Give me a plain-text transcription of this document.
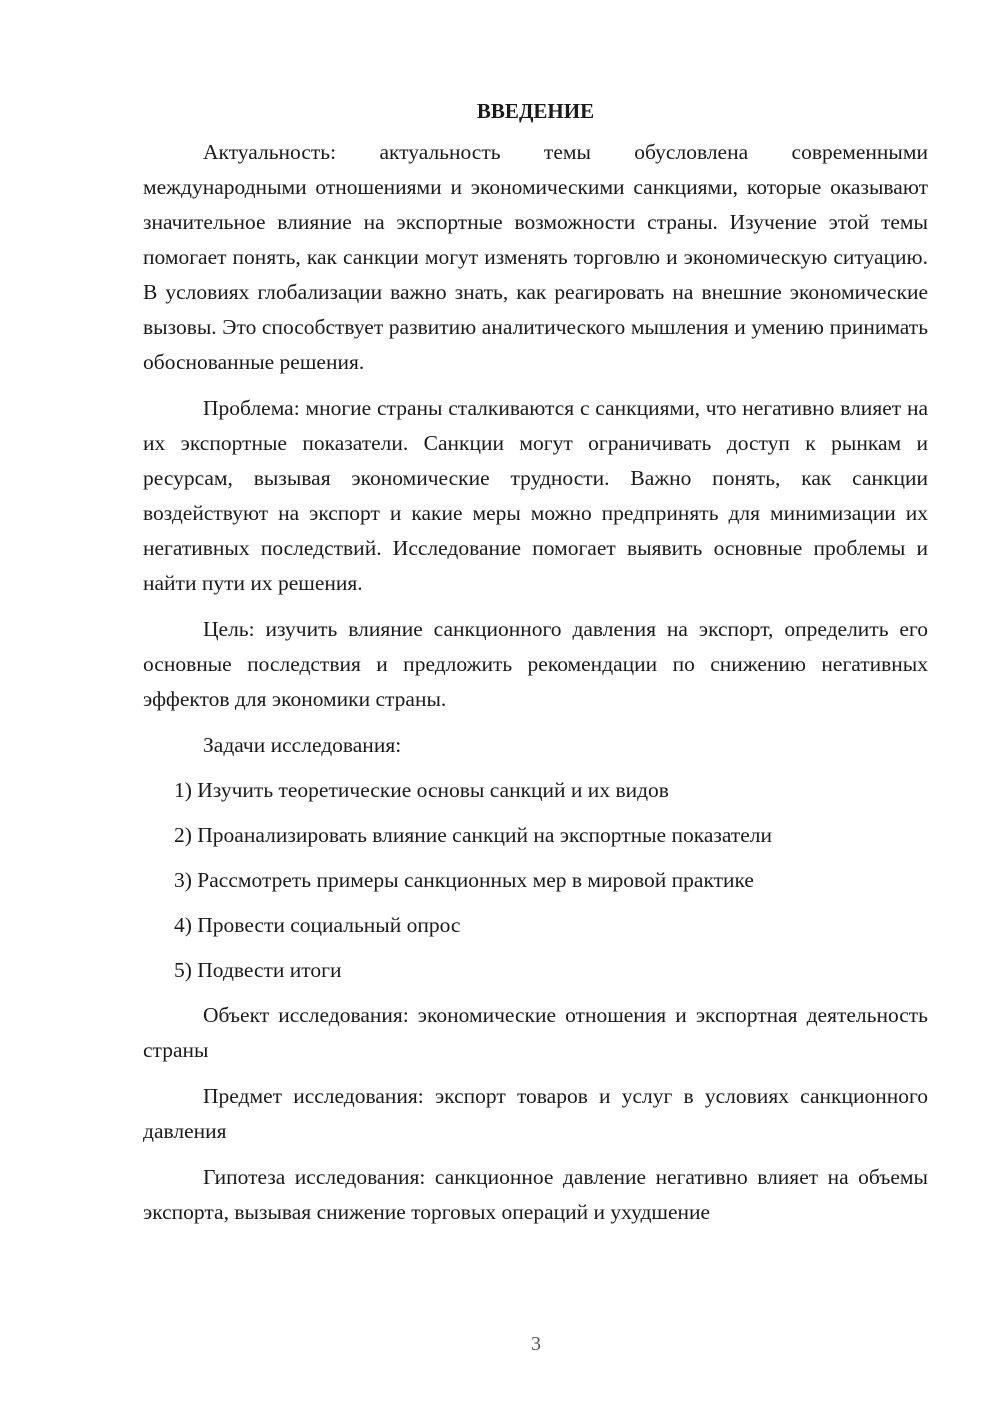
ВВЕДЕНИЕ
Актуальность: актуальность темы обусловлена современными международными отношениями и экономическими санкциями, которые оказывают значительное влияние на экспортные возможности страны. Изучение этой темы помогает понять, как санкции могут изменять торговлю и экономическую ситуацию. В условиях глобализации важно знать, как реагировать на внешние экономические вызовы. Это способствует развитию аналитического мышления и умению принимать обоснованные решения.
Проблема: многие страны сталкиваются с санкциями, что негативно влияет на их экспортные показатели. Санкции могут ограничивать доступ к рынкам и ресурсам, вызывая экономические трудности. Важно понять, как санкции воздействуют на экспорт и какие меры можно предпринять для минимизации их негативных последствий. Исследование помогает выявить основные проблемы и найти пути их решения.
Цель: изучить влияние санкционного давления на экспорт, определить его основные последствия и предложить рекомендации по снижению негативных эффектов для экономики страны.
Задачи исследования:
1) Изучить теоретические основы санкций и их видов
2) Проанализировать влияние санкций на экспортные показатели
3) Рассмотреть примеры санкционных мер в мировой практике
4) Провести социальный опрос
5) Подвести итоги
Объект исследования: экономические отношения и экспортная деятельность страны
Предмет исследования: экспорт товаров и услуг в условиях санкционного давления
Гипотеза исследования: санкционное давление негативно влияет на объемы экспорта, вызывая снижение торговых операций и ухудшение
3
